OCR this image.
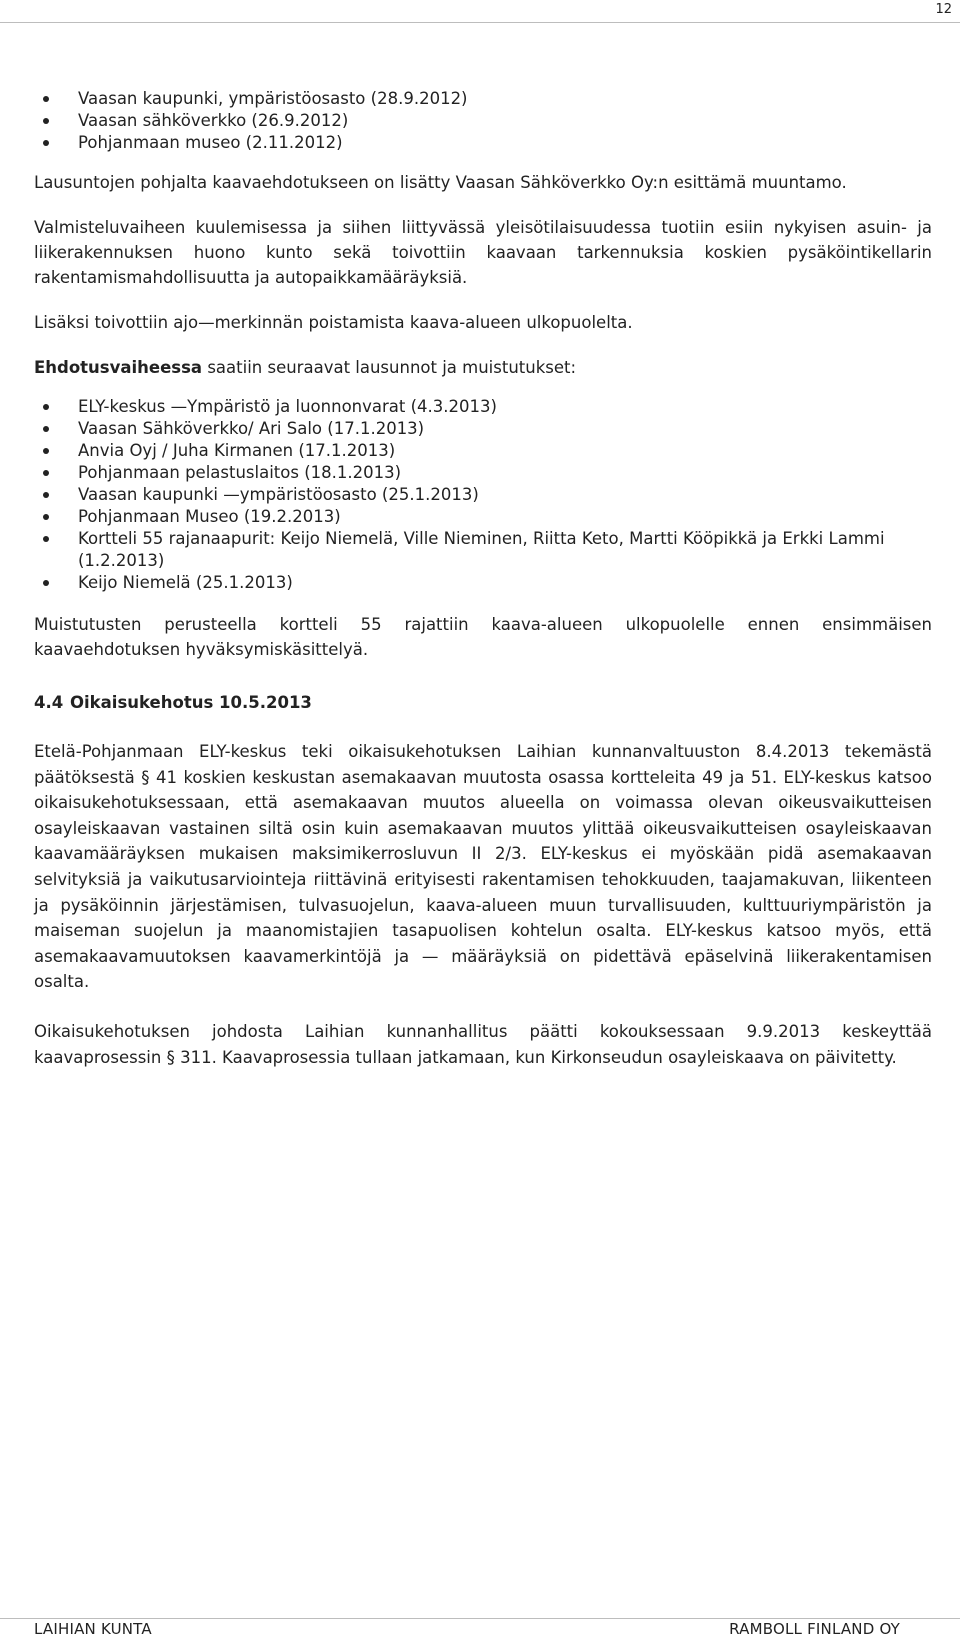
12
Vaasan kaupunki, ympäristöosasto (28.9.2012)
Vaasan sähköverkko (26.9.2012)
Pohjanmaan museo (2.11.2012)

Lausuntojen pohjalta kaavaehdotukseen on lisätty Vaasan Sähköverkko Oy:n esittämä muuntamo.

Valmisteluvaiheen kuulemisessa ja siihen liittyvässä yleisötilaisuudessa tuotiin esiin nykyisen asuin- ja liikerakennuksen huono kunto sekä toivottiin kaavaan tarkennuksia koskien pysäköintikellarin rakentamismahdollisuutta ja autopaikkamääräyksiä.

Lisäksi toivottiin ajo—merkinnän poistamista kaava-alueen ulkopuolelta.

Ehdotusvaiheessa saatiin seuraavat lausunnot ja muistutukset:

ELY-keskus —Ympäristö ja luonnonvarat (4.3.2013)
Vaasan Sähköverkko/ Ari Salo (17.1.2013)
Anvia Oyj / Juha Kirmanen (17.1.2013)
Pohjanmaan pelastuslaitos (18.1.2013)
Vaasan kaupunki —ympäristöosasto (25.1.2013)
Pohjanmaan Museo (19.2.2013)
Kortteli 55 rajanaapurit: Keijo Niemelä, Ville Nieminen, Riitta Keto, Martti Kööpikkä ja Erkki Lammi (1.2.2013)
Keijo Niemelä (25.1.2013)

Muistutusten perusteella kortteli 55 rajattiin kaava-alueen ulkopuolelle ennen ensimmäisen kaavaehdotuksen hyväksymiskäsittelyä.

4.4 Oikaisukehotus 10.5.2013

Etelä-Pohjanmaan ELY-keskus teki oikaisukehotuksen Laihian kunnanvaltuuston 8.4.2013 tekemästä päätöksestä § 41 koskien keskustan asemakaavan muutosta osassa kortteleita 49 ja 51. ELY-keskus katsoo oikaisukehotuksessaan, että asemakaavan muutos alueella on voimassa olevan oikeusvaikutteisen osayleiskaavan vastainen siltä osin kuin asemakaavan muutos ylittää oikeusvaikutteisen osayleiskaavan kaavamääräyksen mukaisen maksimikerrosluvun II 2/3. ELY-keskus ei myöskään pidä asemakaavan selvityksiä ja vaikutusarviointeja riittävinä erityisesti rakentamisen tehokkuuden, taajamakuvan, liikenteen ja pysäköinnin järjestämisen, tulvasuojelun, kaava-alueen muun turvallisuuden, kulttuuriympäristön ja maiseman suojelun ja maanomistajien tasapuolisen kohtelun osalta. ELY-keskus katsoo myös, että asemakaavamuutoksen kaavamerkintöjä ja — määräyksiä on pidettävä epäselvinä liikerakentamisen osalta.

Oikaisukehotuksen johdosta Laihian kunnanhallitus päätti kokouksessaan 9.9.2013 keskeyttää kaavaprosessin § 311. Kaavaprosessia tullaan jatkamaan, kun Kirkonseudun osayleiskaava on päivitetty.

LAIHIAN KUNTA	RAMBOLL FINLAND OY
